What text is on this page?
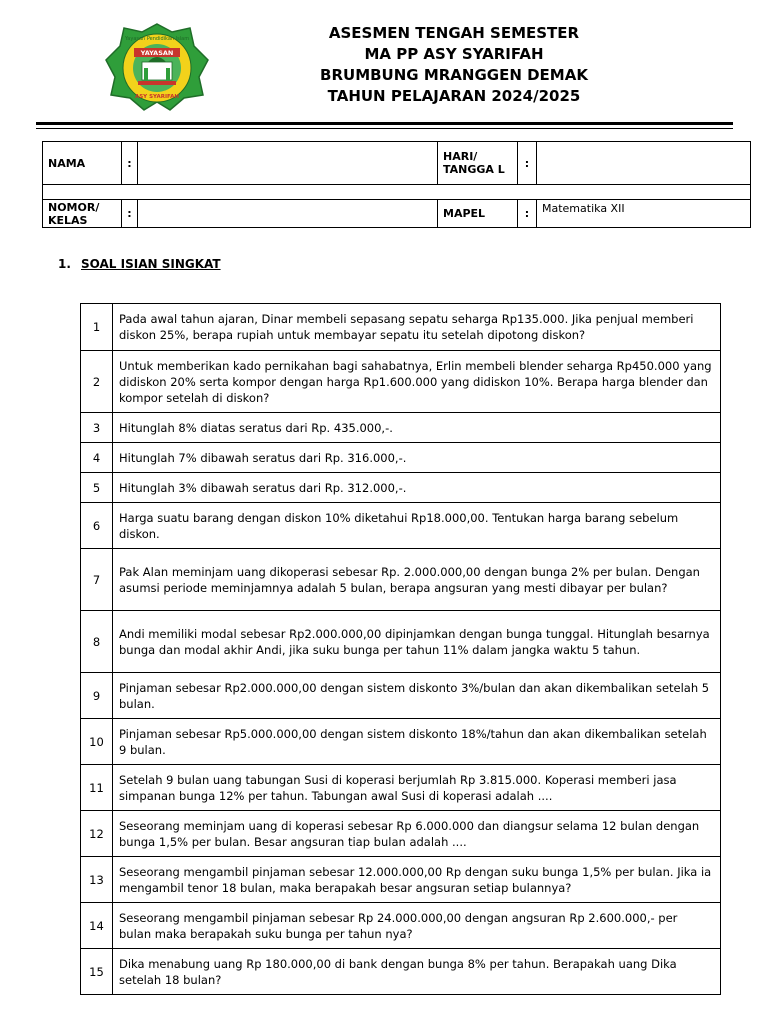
Yayasan Pendidikan Islam
YAYASAN
ASY SYARIFAH
ASESMEN TENGAH SEMESTER
MA PP ASY SYARIFAH
BRUMBUNG MRANGGEN DEMAK
TAHUN PELAJARAN 2024/2025
NAMA	:		HARI/ TANGGA L	:	

NOMOR/ KELAS	:		MAPEL	:	Matematika XII
1. SOAL ISIAN SINGKAT
1	Pada awal tahun ajaran, Dinar membeli sepasang sepatu seharga Rp135.000. Jika penjual memberi diskon 25%, berapa rupiah untuk membayar sepatu itu setelah dipotong diskon?
2	Untuk memberikan kado pernikahan bagi sahabatnya, Erlin membeli blender seharga Rp450.000 yang didiskon 20% serta kompor dengan harga Rp1.600.000 yang didiskon 10%. Berapa harga blender dan kompor setelah di diskon?
3	Hitunglah 8% diatas seratus dari Rp. 435.000,-.
4	Hitunglah 7% dibawah seratus dari Rp. 316.000,-.
5	Hitunglah 3% dibawah seratus dari Rp. 312.000,-.
6	Harga suatu barang dengan diskon 10% diketahui Rp18.000,00. Tentukan harga barang sebelum diskon.
7	Pak Alan meminjam uang dikoperasi sebesar Rp. 2.000.000,00 dengan bunga 2% per bulan. Dengan asumsi periode meminjamnya adalah 5 bulan, berapa angsuran yang mesti dibayar per bulan?
8	Andi memiliki modal sebesar Rp2.000.000,00 dipinjamkan dengan bunga tunggal. Hitunglah besarnya bunga dan modal akhir Andi, jika suku bunga per tahun 11% dalam jangka waktu 5 tahun.
9	Pinjaman sebesar Rp2.000.000,00 dengan sistem diskonto 3%/bulan dan akan dikembalikan setelah 5 bulan.
10	Pinjaman sebesar Rp5.000.000,00 dengan sistem diskonto 18%/tahun dan akan dikembalikan setelah 9 bulan.
11	Setelah 9 bulan uang tabungan Susi di koperasi berjumlah Rp 3.815.000. Koperasi memberi jasa simpanan bunga 12% per tahun. Tabungan awal Susi di koperasi adalah ....
12	Seseorang meminjam uang di koperasi sebesar Rp 6.000.000 dan diangsur selama 12 bulan dengan bunga 1,5% per bulan. Besar angsuran tiap bulan adalah ....
13	Seseorang mengambil pinjaman sebesar 12.000.000,00 Rp dengan suku bunga 1,5% per bulan. Jika ia mengambil tenor 18 bulan, maka berapakah besar angsuran setiap bulannya?
14	Seseorang mengambil pinjaman sebesar Rp 24.000.000,00 dengan angsuran Rp 2.600.000,- per bulan maka berapakah suku bunga per tahun nya?
15	Dika menabung uang Rp 180.000,00 di bank dengan bunga 8% per tahun. Berapakah uang Dika setelah 18 bulan?
